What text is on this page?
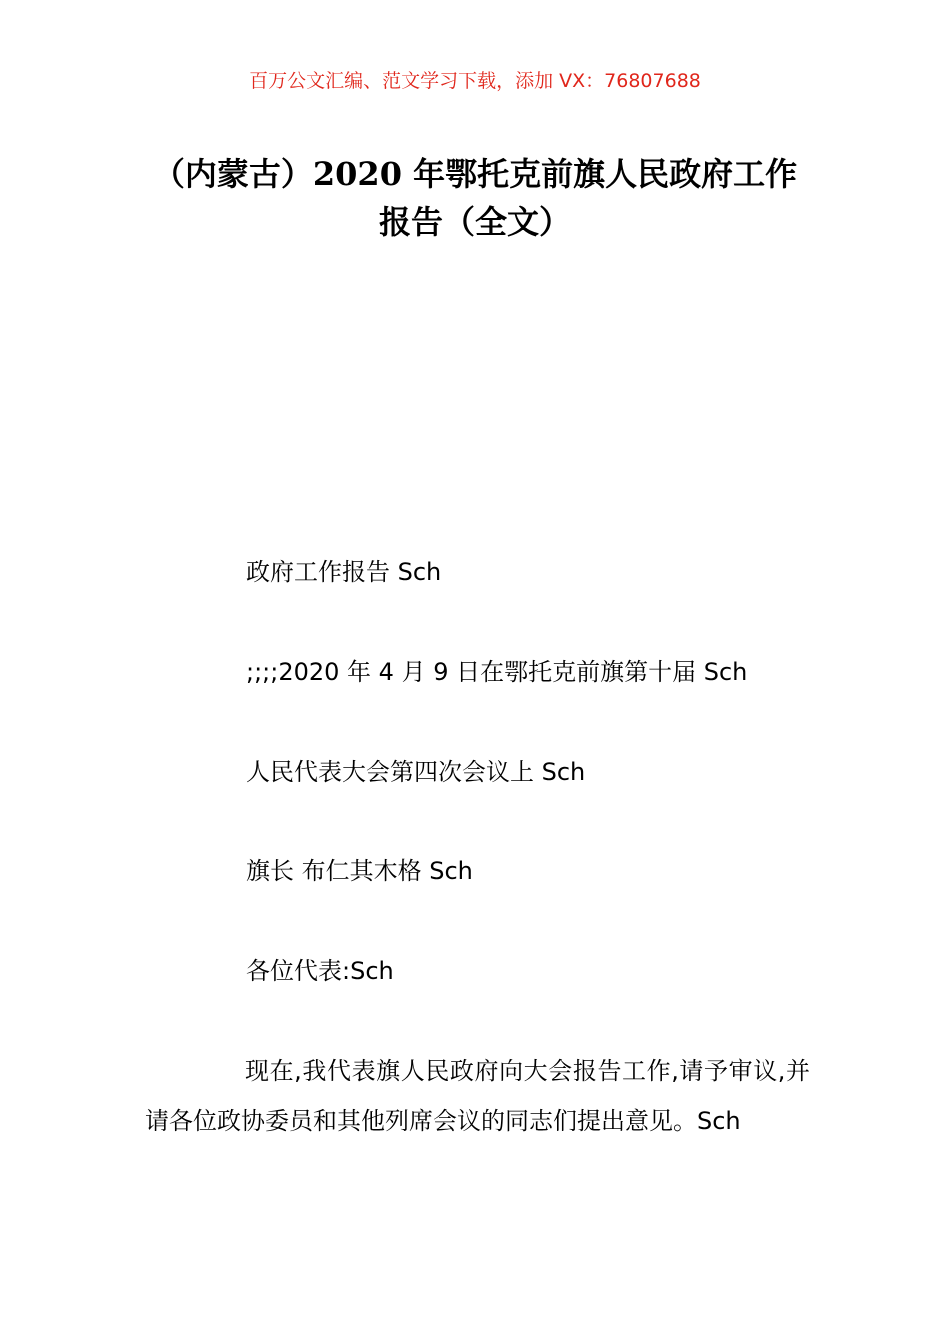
百万公文汇编、范文学习下载，添加 VX：76807688
（内蒙古）2020 年鄂托克前旗人民政府工作报告（全文）

政府工作报告 Sch

;;;;2020 年 4 月 9 日在鄂托克前旗第十届 Sch

人民代表大会第四次会议上 Sch

旗长 布仁其木格 Sch

各位代表:Sch

现在,我代表旗人民政府向大会报告工作,请予审议,并请各位政协委员和其他列席会议的同志们提出意见。Sch
